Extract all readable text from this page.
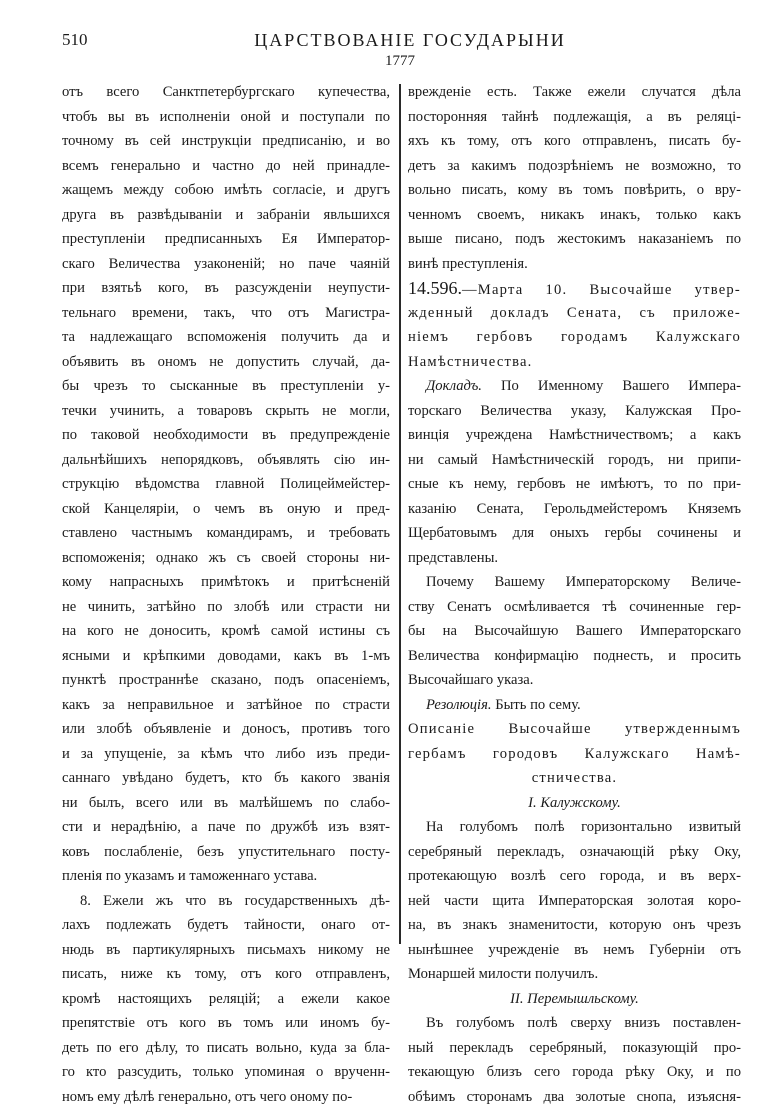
510	ЦАРСТВОВАНІЕ ГОСУДАРЫНИ
1777
отъ всего Санктпетербургскаго купечества,
чтобъ вы въ исполненіи оной и поступали по
точному въ сей инструкціи предписанію, и во
всемъ генерально и частно до ней принадле-
жащемъ между собою имѣть согласіе, и другъ
друга въ развѣдываніи и забраніи явльшихся
преступленіи предписанныхъ Ея Император-
скаго Величества узаконеній; но паче чаяній
при взятьѣ кого, въ разсужденіи неупусти-
тельнаго времени, такъ, что отъ Магистра-
та надлежащаго вспоможенія получить да и
объявить въ ономъ не допустить случай, да-
бы чрезъ то сысканные въ преступленіи у-
течки учинить, а товаровъ скрыть не могли,
по таковой необходимости въ предупрежденіе
дальнѣйшихъ непорядковъ, объявлять сію ин-
струкцію вѣдомства главной Полицеймейстер-
ской Канцеляріи, о чемъ въ оную и пред-
ставлено частнымъ командирамъ, и требовать
вспоможенія; однако жъ съ своей стороны ни-
кому напрасныхъ примѣтокъ и притѣсненій
не чинить, затѣйно по злобѣ или страсти ни
на кого не доносить, кромѣ самой истины съ
ясными и крѣпкими доводами, какъ въ 1-мъ
пунктѣ пространнѣе сказано, подъ опасеніемъ,
какъ за неправильное и затѣйное по страсти
или злобѣ объявленіе и доносъ, противъ того
и за упущеніе, за кѣмъ что либо изъ преди-
саннаго увѣдано будетъ, кто бъ какого званія
ни былъ, всего или въ малѣйшемъ по слабо-
сти и нерадѣнію, а паче по дружбѣ изъ взят-
ковъ послабленіе, безъ упустительнаго посту-
пленія по указамъ и таможеннаго устава.
8. Ежели жъ что въ государственныхъ дѣ-
лахъ подлежать будетъ тайности, онаго от-
нюдь въ партикулярныхъ письмахъ никому не
писать, ниже къ тому, отъ кого отправленъ,
кромѣ настоящихъ реляцій; а ежели какое
препятствіе отъ кого въ томъ или иномъ бу-
деть по его дѣлу, то писать вольно, куда за бла-
го кто разсудить, только упоминая о врученн-
номъ ему дѣлѣ генерально, отъ чего оному по-
врежденіе есть. Также ежели случатся дѣла
посторонняя тайнѣ подлежащія, а въ реляці-
яхъ къ тому, отъ кого отправленъ, писать бу-
детъ за какимъ подозрѣніемъ не возможно, то
вольно писать, кому въ томъ повѣрить, о вру-
ченномъ своемъ, никакъ инакъ, только какъ
выше писано, подъ жестокимъ наказаніемъ по
винѣ преступленія.
14.596.—Марта 10. Высочайше утвер-
жденный докладъ Сената, съ приложе-
ніемъ гербовъ городамъ Калужскаго
Намѣстничества.
Докладъ. По Именному Вашего Импера-
торскаго Величества указу, Калужская Про-
винція учреждена Намѣстничествомъ; а какъ
ни самый Намѣстническій городъ, ни припи-
сные къ нему, гербовъ не имѣютъ, то по при-
казанію Сената, Герольдмейстеромъ Княземъ
Щербатовымъ для оныхъ гербы сочинены и
представлены.
Почему Вашему Императорскому Величе-
ству Сенатъ осмѣливается тѣ сочиненные гер-
бы на Высочайшую Вашего Императорскаго
Величества конфирмацію поднесть, и просить
Высочайшаго указа.
Резолюція. Быть по сему.
Описаніе Высочайше утвержденнымъ
гербамъ городовъ Калужскаго Намѣ-
стничества.
I. Калужскому.
На голубомъ полѣ горизонтально извитый
серебряный перекладъ, означающій рѣку Оку,
протекающую возлѣ сего города, и въ верх-
ней части щита Императорская золотая коро-
на, въ знакъ знаменитости, которую онъ чрезъ
нынѣшнее учрежденіе въ немъ Губерніи отъ
Монаршей милости получилъ.
II. Перемышльскому.
Въ голубомъ полѣ сверху внизъ поставлен-
ный перекладъ серебряный, показующій про-
текающую близъ сего города рѣку Оку, и по
обѣимъ сторонамъ два золотые снопа, изъясня-
